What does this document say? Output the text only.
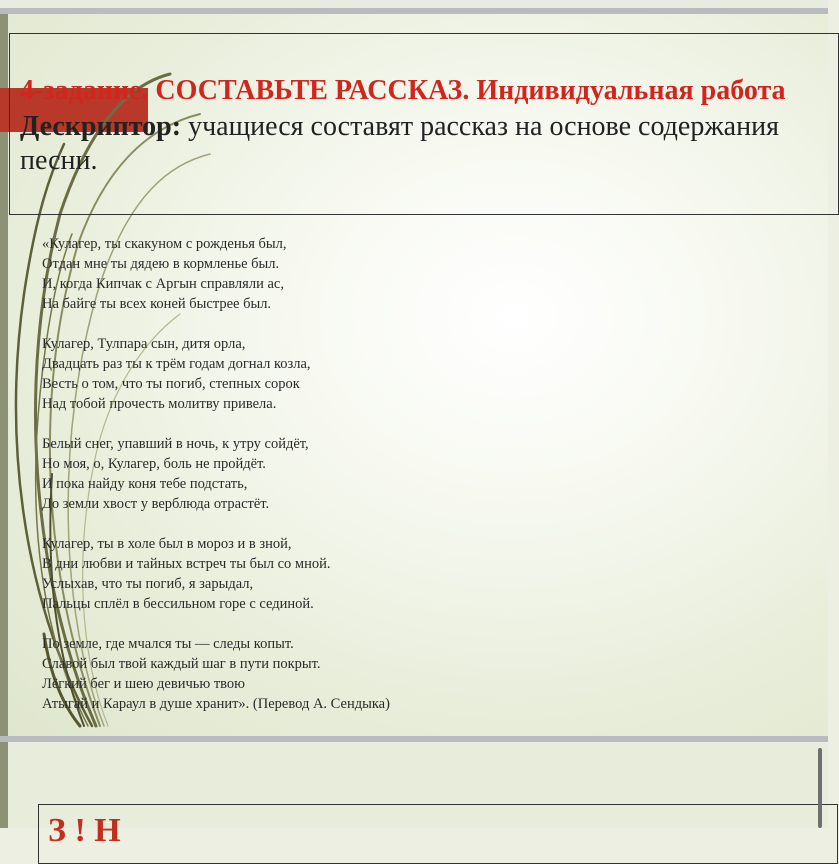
4-задание. СОСТАВЬТЕ РАССКАЗ. Индивидуальная работа

Дескриптор: учащиеся составят рассказ на основе содержания песни.

«Кулагер, ты скакуном с рожденья был,
Отдан мне ты дядею в кормленье был.
И, когда Кипчак с Аргын справляли ас,
На байге ты всех коней быстрее был.
Кулагер, Тулпара сын, дитя орла,
Двадцать раз ты к трём годам догнал козла,
Весть о том, что ты погиб, степных сорок
Над тобой прочесть молитву привела.
Белый снег, упавший в ночь, к утру сойдёт,
Но моя, о, Кулагер, боль не пройдёт.
И пока найду коня тебе подстать,
До земли хвост у верблюда отрастёт.
Кулагер, ты в холе был в мороз и в зной,
В дни любви и тайных встреч ты был со мной.
Услыхав, что ты погиб, я зарыдал,
Пальцы сплёл в бессильном горе с сединой.
По земле, где мчался ты — следы копыт.
Славой был твой каждый шаг в пути покрыт.
Лёгкий бег и шею девичью твою
Атыгай и Караул в душе хранит». (Перевод А. Сендыка)
З ! Н
